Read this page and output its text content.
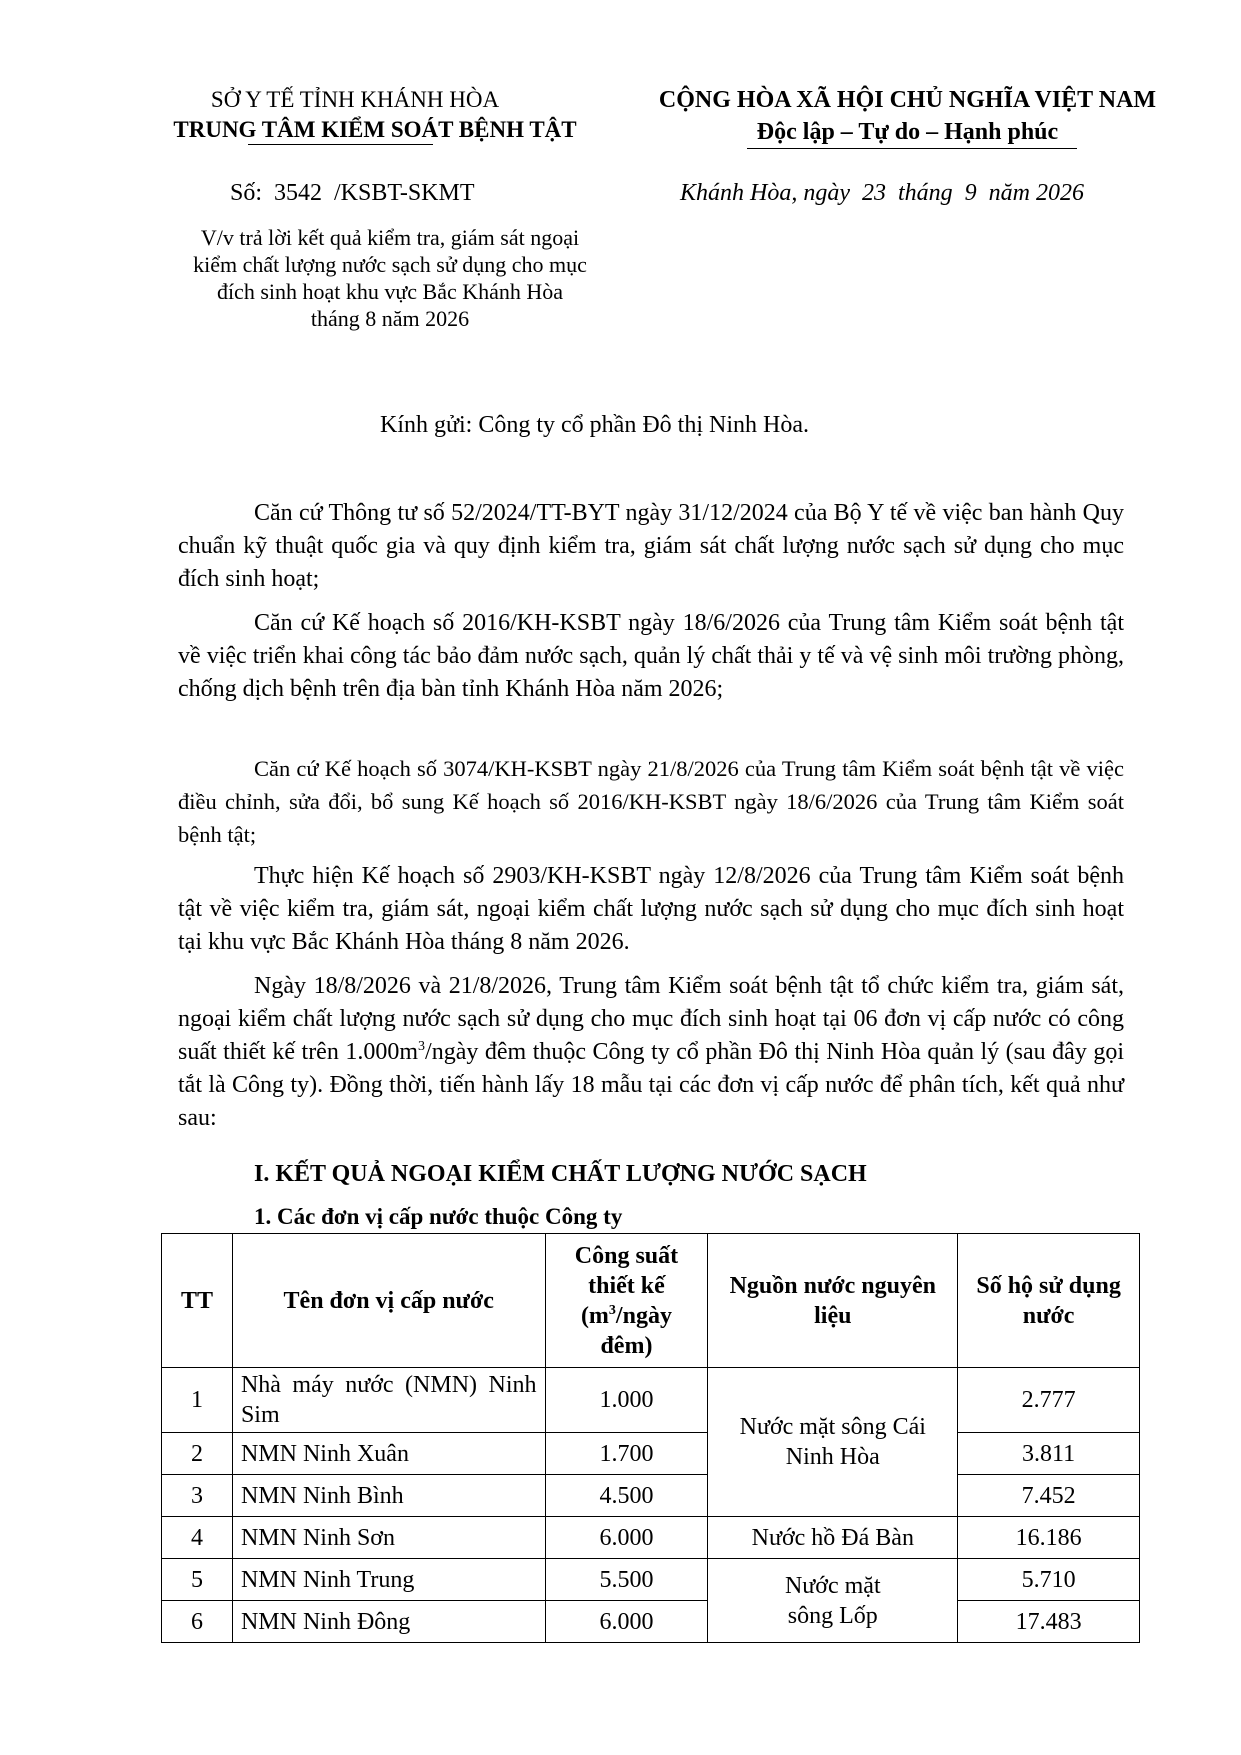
SỞ Y TẾ TỈNH KHÁNH HÒA
TRUNG TÂM KIỂM SOÁT BỆNH TẬT
CỘNG HÒA XÃ HỘI CHỦ NGHĨA VIỆT NAM
Độc lập – Tự do – Hạnh phúc
Số:  3542  /KSBT-SKMT	Khánh Hòa, ngày  23  tháng  9  năm 2026
V/v trả lời kết quả kiểm tra, giám sát ngoại
kiểm chất lượng nước sạch sử dụng cho mục
đích sinh hoạt khu vực Bắc Khánh Hòa
tháng 8 năm 2026
Kính gửi: Công ty cổ phần Đô thị Ninh Hòa.

Căn cứ Thông tư số 52/2024/TT-BYT ngày 31/12/2024 của Bộ Y tế về việc ban hành Quy chuẩn kỹ thuật quốc gia và quy định kiểm tra, giám sát chất lượng nước sạch sử dụng cho mục đích sinh hoạt;

Căn cứ Kế hoạch số 2016/KH-KSBT ngày 18/6/2026 của Trung tâm Kiểm soát bệnh tật về việc triển khai công tác bảo đảm nước sạch, quản lý chất thải y tế và vệ sinh môi trường phòng, chống dịch bệnh trên địa bàn tỉnh Khánh Hòa năm 2026;

Căn cứ Kế hoạch số 3074/KH-KSBT ngày 21/8/2026 của Trung tâm Kiểm soát bệnh tật về việc điều chỉnh, sửa đổi, bổ sung Kế hoạch số 2016/KH-KSBT ngày 18/6/2026 của Trung tâm Kiểm soát bệnh tật;

Thực hiện Kế hoạch số 2903/KH-KSBT ngày 12/8/2026 của Trung tâm Kiểm soát bệnh tật về việc kiểm tra, giám sát, ngoại kiểm chất lượng nước sạch sử dụng cho mục đích sinh hoạt tại khu vực Bắc Khánh Hòa tháng 8 năm 2026.

Ngày 18/8/2026 và 21/8/2026, Trung tâm Kiểm soát bệnh tật tổ chức kiểm tra, giám sát, ngoại kiểm chất lượng nước sạch sử dụng cho mục đích sinh hoạt tại 06 đơn vị cấp nước có công suất thiết kế trên $1.000m^3$/ngày đêm thuộc Công ty cổ phần Đô thị Ninh Hòa quản lý (sau đây gọi tắt là Công ty). Đồng thời, tiến hành lấy 18 mẫu tại các đơn vị cấp nước để phân tích, kết quả như sau:

I. KẾT QUẢ NGOẠI KIỂM CHẤT LƯỢNG NƯỚC SẠCH
1. Các đơn vị cấp nước thuộc Công ty
TT	Tên đơn vị cấp nước	Công suất thiết kế ($m^3$/ngày đêm)	Nguồn nước nguyên liệu	Số hộ sử dụng nước
1	Nhà máy nước (NMN) Ninh Sim	1.000	Nước mặt sông Cái Ninh Hòa	2.777
2	NMN Ninh Xuân	1.700		3.811
3	NMN Ninh Bình	4.500		7.452
4	NMN Ninh Sơn	6.000	Nước hồ Đá Bàn	16.186
5	NMN Ninh Trung	5.500	Nước mặt sông Lốp	5.710
6	NMN Ninh Đông	6.000		17.483
